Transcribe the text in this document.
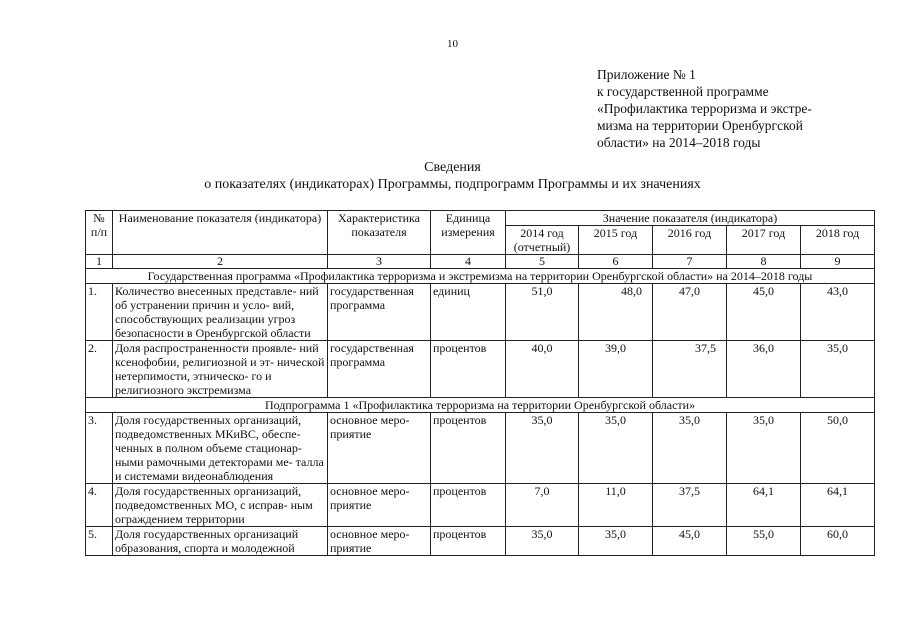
10
Приложение № 1
к государственной программе
«Профилактика терроризма и экстре-
мизма на территории Оренбургской
области» на 2014–2018 годы
Сведения
о показателях (индикаторах) Программы, подпрограмм Программы и их значениях
№ п/п	Наименование показателя (индикатора)	Характеристика показателя	Единица измерения	Значение показателя (индикатора)				
				2014 год (отчетный)	2015 год	2016 год	2017 год	2018 год
1	2	3	4	5	6	7	8	9
Государственная программа «Профилактика терроризма и экстремизма на территории Оренбургской области» на 2014–2018 годы								
1.	Количество внесенных представле- ний об устранении причин и усло- вий, способствующих реализации угроз безопасности в Оренбургской области	государственная программа	единиц	51,0	48,0	47,0	45,0	43,0
2.	Доля распространенности проявле- ний ксенофобии, религиозной и эт- нической нетерпимости, этническо- го и религиозного экстремизма	государственная программа	процентов	40,0	39,0	37,5	36,0	35,0
Подпрограмма 1 «Профилактика терроризма на территории Оренбургской области»								
3.	Доля государственных организаций, подведомственных МКиВС, обеспе- ченных в полном объеме стационар- ными рамочными детекторами ме- талла и системами видеонаблюдения	основное меро- приятие	процентов	35,0	35,0	35,0	35,0	50,0
4.	Доля государственных организаций, подведомственных МО, с исправ- ным ограждением территории	основное меро- приятие	процентов	7,0	11,0	37,5	64,1	64,1
5.	Доля государственных организаций образования, спорта и молодежной	основное меро- приятие	процентов	35,0	35,0	45,0	55,0	60,0
